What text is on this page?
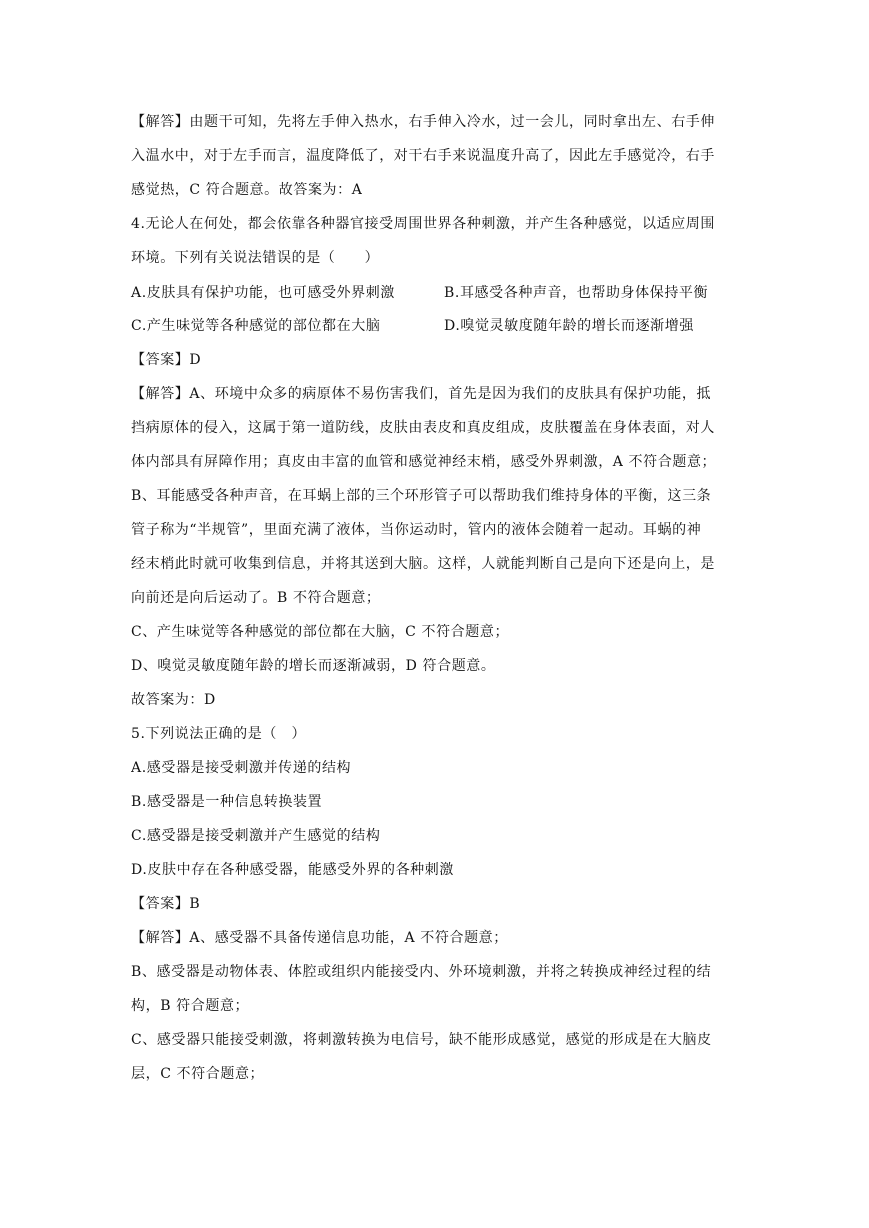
【解答】由题干可知，先将左手伸入热水，右手伸入冷水，过一会儿，同时拿出左、右手伸
入温水中，对于左手而言，温度降低了，对干右手来说温度升高了，因此左手感觉冷，右手
感觉热，C 符合题意。故答案为：A
4.无论人在何处，都会依靠各种器官接受周围世界各种刺激，并产生各种感觉，以适应周围
环境。下列有关说法错误的是（　　）
A.皮肤具有保护功能，也可感受外界刺激	B.耳感受各种声音，也帮助身体保持平衡
C.产生味觉等各种感觉的部位都在大脑	D.嗅觉灵敏度随年龄的增长而逐渐增强
【答案】D
【解答】A、环境中众多的病原体不易伤害我们，首先是因为我们的皮肤具有保护功能，抵
挡病原体的侵入，这属于第一道防线，皮肤由表皮和真皮组成，皮肤覆盖在身体表面，对人
体内部具有屏障作用；真皮由丰富的血管和感觉神经末梢，感受外界刺激，A 不符合题意；
B、耳能感受各种声音，在耳蜗上部的三个环形管子可以帮助我们维持身体的平衡，这三条
管子称为“半规管”，里面充满了液体，当你运动时，管内的液体会随着一起动。耳蜗的神
经末梢此时就可收集到信息，并将其送到大脑。这样，人就能判断自己是向下还是向上，是
向前还是向后运动了。B 不符合题意；
C、产生味觉等各种感觉的部位都在大脑，C 不符合题意；
D、嗅觉灵敏度随年龄的增长而逐渐减弱，D 符合题意。
故答案为：D
5.下列说法正确的是（　）
A.感受器是接受刺激并传递的结构
B.感受器是一种信息转换装置
C.感受器是接受刺激并产生感觉的结构
D.皮肤中存在各种感受器，能感受外界的各种刺激
【答案】B
【解答】A、感受器不具备传递信息功能，A 不符合题意；
B、感受器是动物体表、体腔或组织内能接受内、外环境刺激，并将之转换成神经过程的结
构，B 符合题意；
C、感受器只能接受刺激，将刺激转换为电信号，缺不能形成感觉，感觉的形成是在大脑皮
层，C 不符合题意；
